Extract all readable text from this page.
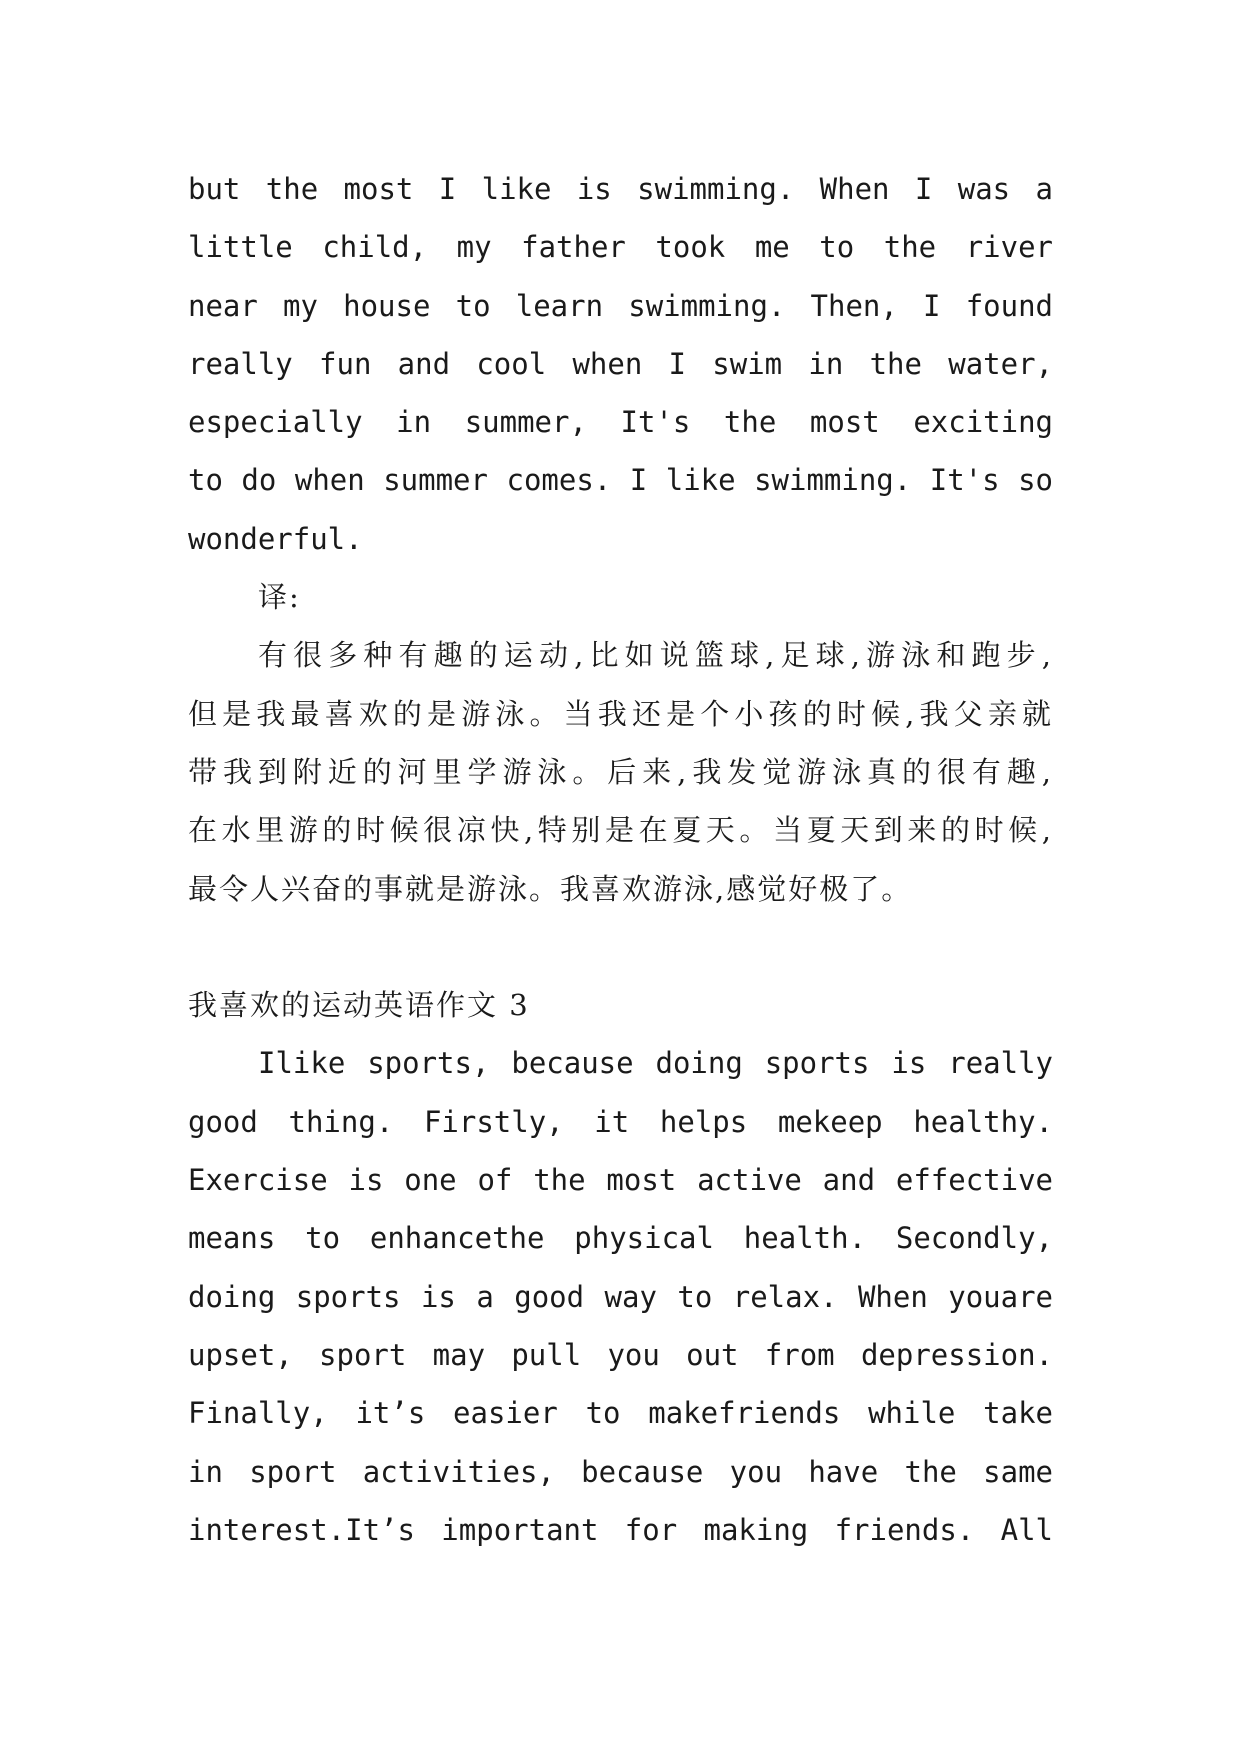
but the most I like is swimming. When I was a
little child, my father took me to the river
near my house to learn swimming. Then, I found
really fun and cool when I swim in the water,
especially in summer, It's the most exciting
to do when summer comes. I like swimming. It's so
wonderful.
译:
有很多种有趣的运动,比如说篮球,足球,游泳和跑步,
但是我最喜欢的是游泳。当我还是个小孩的时候,我父亲就
带我到附近的河里学游泳。后来,我发觉游泳真的很有趣,
在水里游的时候很凉快,特别是在夏天。当夏天到来的时候,
最令人兴奋的事就是游泳。我喜欢游泳,感觉好极了。
我喜欢的运动英语作文 3
Ilike sports, because doing sports is really
good thing. Firstly, it helps mekeep healthy.
Exercise is one of the most active and effective
means to enhancethe physical health. Secondly,
doing sports is a good way to relax. When youare
upset, sport may pull you out from depression.
Finally, it’s easier to makefriends while take
in sport activities, because you have the same
interest.It’s important for making friends. All
